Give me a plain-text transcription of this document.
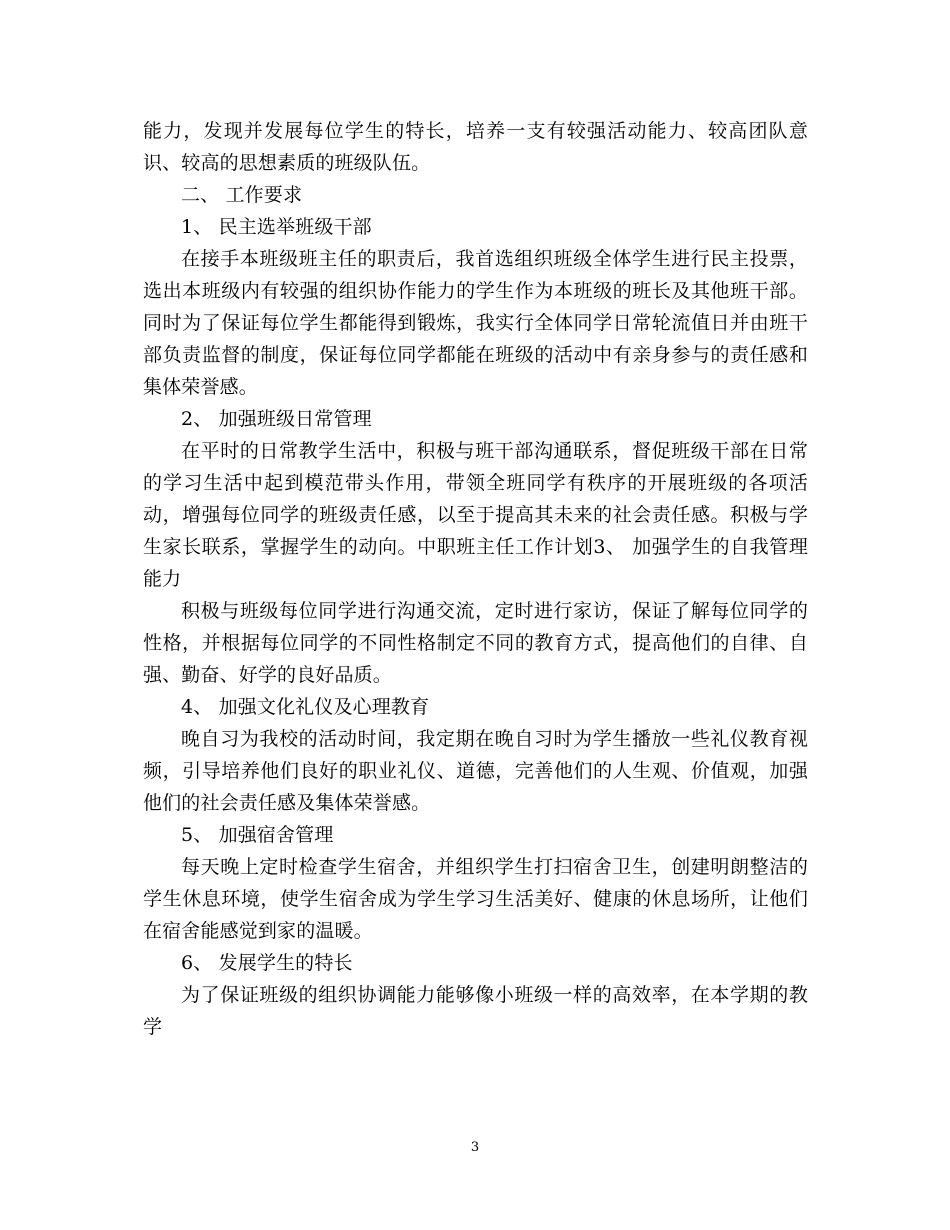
能力，发现并发展每位学生的特长，培养一支有较强活动能力、较高团队意识、较高的思想素质的班级队伍。

二、 工作要求

1、 民主选举班级干部

在接手本班级班主任的职责后，我首选组织班级全体学生进行民主投票，选出本班级内有较强的组织协作能力的学生作为本班级的班长及其他班干部。同时为了保证每位学生都能得到锻炼，我实行全体同学日常轮流值日并由班干部负责监督的制度，保证每位同学都能在班级的活动中有亲身参与的责任感和集体荣誉感。

2、 加强班级日常管理

在平时的日常教学生活中，积极与班干部沟通联系，督促班级干部在日常的学习生活中起到模范带头作用，带领全班同学有秩序的开展班级的各项活动，增强每位同学的班级责任感，以至于提高其未来的社会责任感。积极与学生家长联系，掌握学生的动向。中职班主任工作计划3、 加强学生的自我管理能力

积极与班级每位同学进行沟通交流，定时进行家访，保证了解每位同学的性格，并根据每位同学的不同性格制定不同的教育方式，提高他们的自律、自强、勤奋、好学的良好品质。

4、 加强文化礼仪及心理教育

晚自习为我校的活动时间，我定期在晚自习时为学生播放一些礼仪教育视频，引导培养他们良好的职业礼仪、道德，完善他们的人生观、价值观，加强他们的社会责任感及集体荣誉感。

5、 加强宿舍管理

每天晚上定时检查学生宿舍，并组织学生打扫宿舍卫生，创建明朗整洁的学生休息环境，使学生宿舍成为学生学习生活美好、健康的休息场所，让他们在宿舍能感觉到家的温暖。

6、 发展学生的特长

为了保证班级的组织协调能力能够像小班级一样的高效率，在本学期的教学

3
